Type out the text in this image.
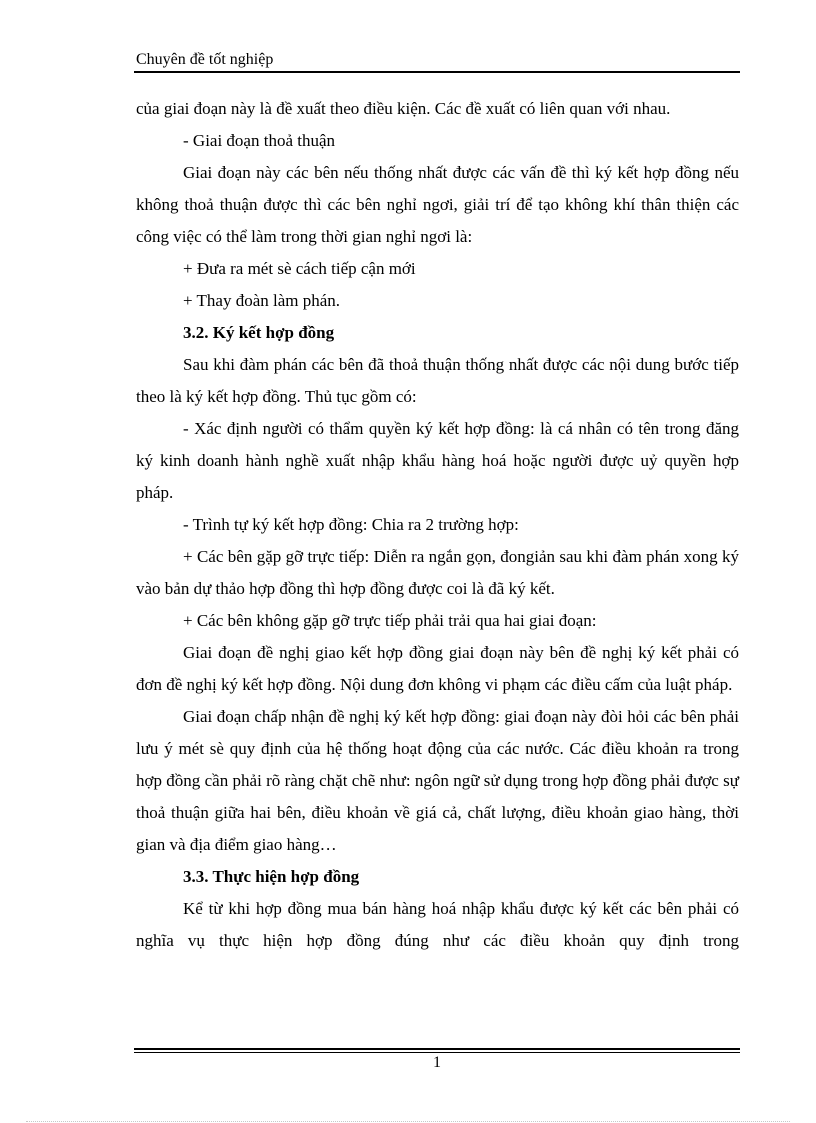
Chuyên đề tốt nghiệp

của giai đoạn này là đề xuất theo điều kiện. Các đề xuất có liên quan với nhau.

- Giai đoạn thoả thuận

Giai đoạn này các bên nếu thống nhất được các vấn đề thì ký kết hợp đồng nếu không thoả thuận được thì các bên nghỉ ngơi, giải trí để tạo không khí thân thiện các công việc có thể làm trong thời gian nghỉ ngơi là:

+ Đưa ra mét sè cách tiếp cận mới

+ Thay đoàn làm phán.

3.2. Ký kết hợp đồng

Sau khi đàm phán các bên đã thoả thuận thống nhất được các nội dung bước tiếp theo là ký kết hợp đồng. Thủ tục gồm có:

- Xác định người có thẩm quyền ký kết hợp đồng: là cá nhân có tên trong đăng ký kinh doanh hành nghề xuất nhập khẩu hàng hoá hoặc người được uỷ quyền hợp pháp.

- Trình tự ký kết hợp đồng: Chia ra 2 trường hợp:

+ Các bên gặp gỡ trực tiếp: Diễn ra ngắn gọn, đongiản sau khi đàm phán xong ký vào bản dự thảo hợp đồng thì hợp đồng được coi là đã ký kết.

+ Các bên không gặp gỡ trực tiếp phải trải qua hai giai đoạn:

Giai đoạn đề nghị giao kết hợp đồng giai đoạn này bên đề nghị ký kết phải có đơn đề nghị ký kết hợp đồng. Nội dung đơn không vi phạm các điều cấm của luật pháp.

Giai đoạn chấp nhận đề nghị ký kết hợp đồng: giai đoạn này đòi hỏi các bên phải lưu ý mét sè quy định của hệ thống hoạt động của các nước. Các điều khoản ra trong hợp đồng cần phải rõ ràng chặt chẽ như: ngôn ngữ sử dụng trong hợp đồng phải được sự thoả thuận giữa hai bên, điều khoản về giá cả, chất lượng, điều khoản giao hàng, thời gian và địa điểm giao hàng…

3.3. Thực hiện hợp đồng

Kể từ khi hợp đồng mua bán hàng hoá nhập khẩu được ký kết các bên phải có nghĩa vụ thực hiện hợp đồng đúng như các điều khoản quy định trong

1
